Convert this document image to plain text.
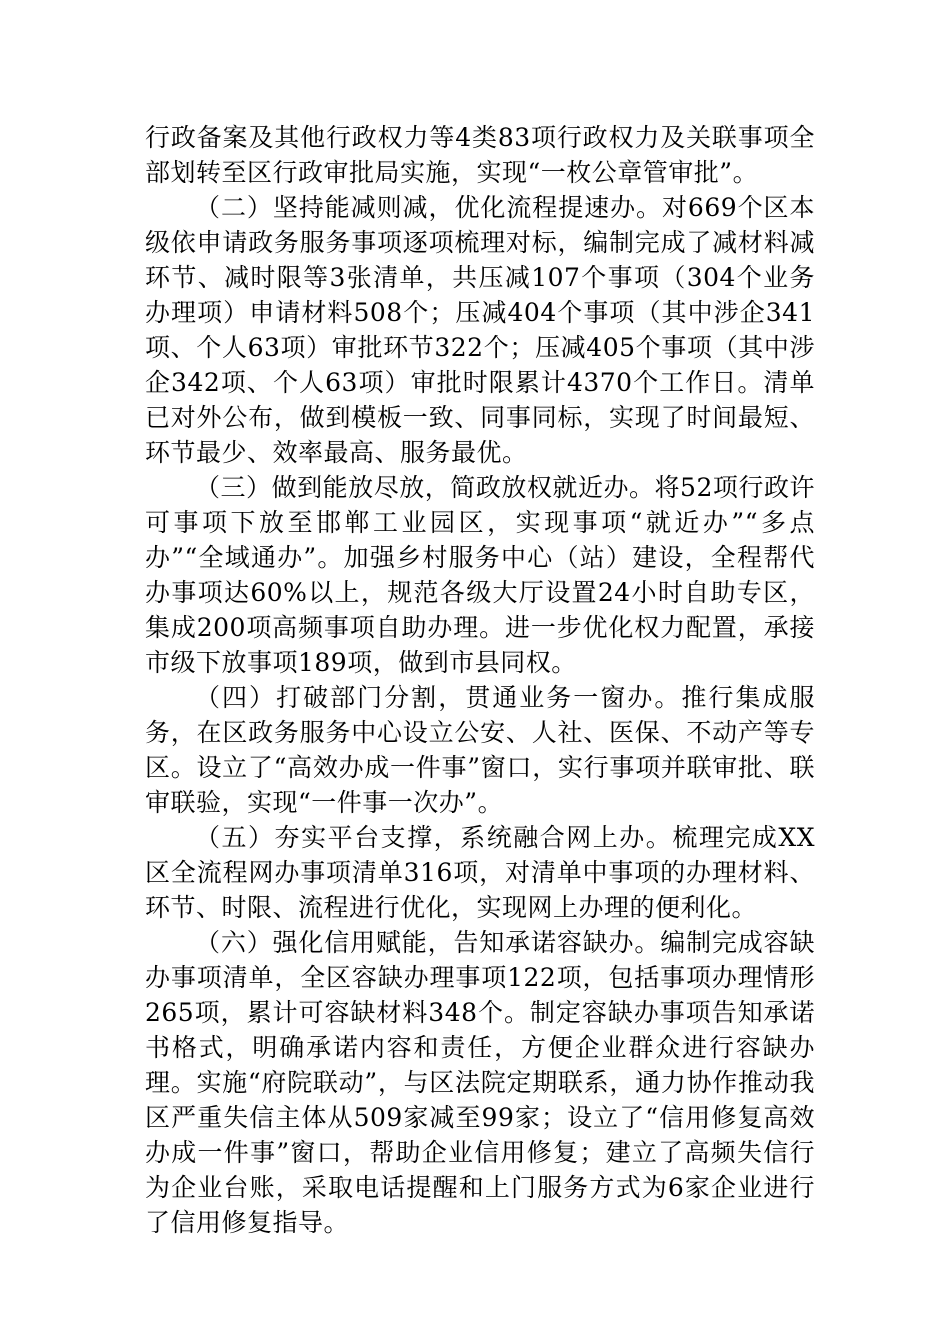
行政备案及其他行政权力等4类83项行政权力及关联事项全部划转至区行政审批局实施，实现“一枚公章管审批”。

（二）坚持能减则减，优化流程提速办。对669个区本级依申请政务服务事项逐项梳理对标，编制完成了减材料减环节、减时限等3张清单，共压减107个事项（304个业务办理项）申请材料508个；压减404个事项（其中涉企341项、个人63项）审批环节322个；压减405个事项（其中涉企342项、个人63项）审批时限累计4370个工作日。清单已对外公布，做到模板一致、同事同标，实现了时间最短、环节最少、效率最高、服务最优。

（三）做到能放尽放，简政放权就近办。将52项行政许可事项下放至邯郸工业园区，实现事项“就近办”“多点办”“全域通办”。加强乡村服务中心（站）建设，全程帮代办事项达60%以上，规范各级大厅设置24小时自助专区，集成200项高频事项自助办理。进一步优化权力配置，承接市级下放事项189项，做到市县同权。

（四）打破部门分割，贯通业务一窗办。推行集成服务，在区政务服务中心设立公安、人社、医保、不动产等专区。设立了“高效办成一件事”窗口，实行事项并联审批、联审联验，实现“一件事一次办”。

（五）夯实平台支撑，系统融合网上办。梳理完成XX区全流程网办事项清单316项，对清单中事项的办理材料、环节、时限、流程进行优化，实现网上办理的便利化。

（六）强化信用赋能，告知承诺容缺办。编制完成容缺办事项清单，全区容缺办理事项122项，包括事项办理情形265项，累计可容缺材料348个。制定容缺办事项告知承诺书格式，明确承诺内容和责任，方便企业群众进行容缺办理。实施“府院联动”，与区法院定期联系，通力协作推动我区严重失信主体从509家减至99家；设立了“信用修复高效办成一件事”窗口，帮助企业信用修复；建立了高频失信行为企业台账，采取电话提醒和上门服务方式为6家企业进行了信用修复指导。
